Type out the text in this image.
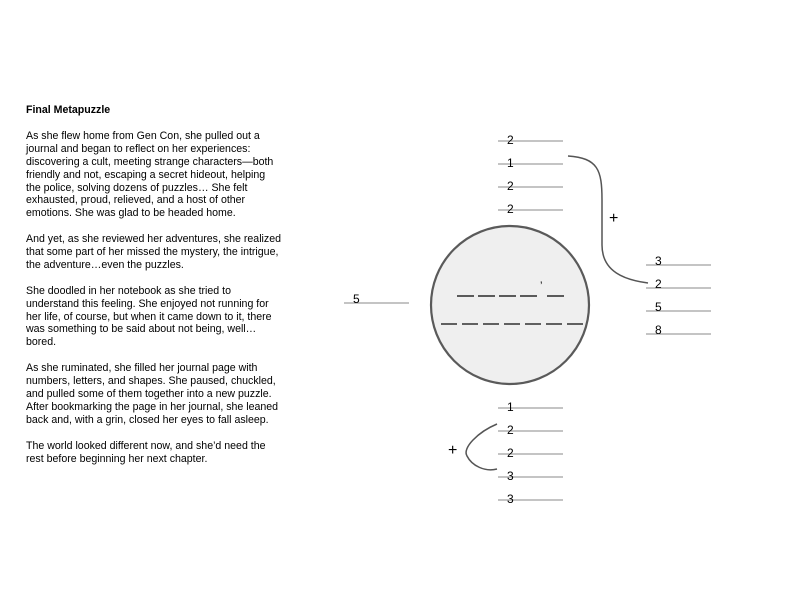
Final Metapuzzle

As she flew home from Gen Con, she pulled out a journal and began to reflect on her experiences: discovering a cult, meeting strange characters—both friendly and not, escaping a secret hideout, helping the police, solving dozens of puzzles… She felt exhausted, proud, relieved, and a host of other emotions. She was glad to be headed home.

And yet, as she reviewed her adventures, she realized that some part of her missed the mystery, the intrigue, the adventure…even the puzzles.

She doodled in her notebook as she tried to understand this feeling. She enjoyed not running for her life, of course, but when it came down to it, there was something to be said about not being, well… bored.

As she ruminated, she filled her journal page with numbers, letters, and shapes. She paused, chuckled, and pulled some of them together into a new puzzle. After bookmarking the page in her journal, she leaned back and, with a grin, closed her eyes to fall asleep.

The world looked different now, and she’d need the rest before beginning her next chapter.

’
2
1
2
2
+
3
2
5
8
5
1
2
2
3
3
+
